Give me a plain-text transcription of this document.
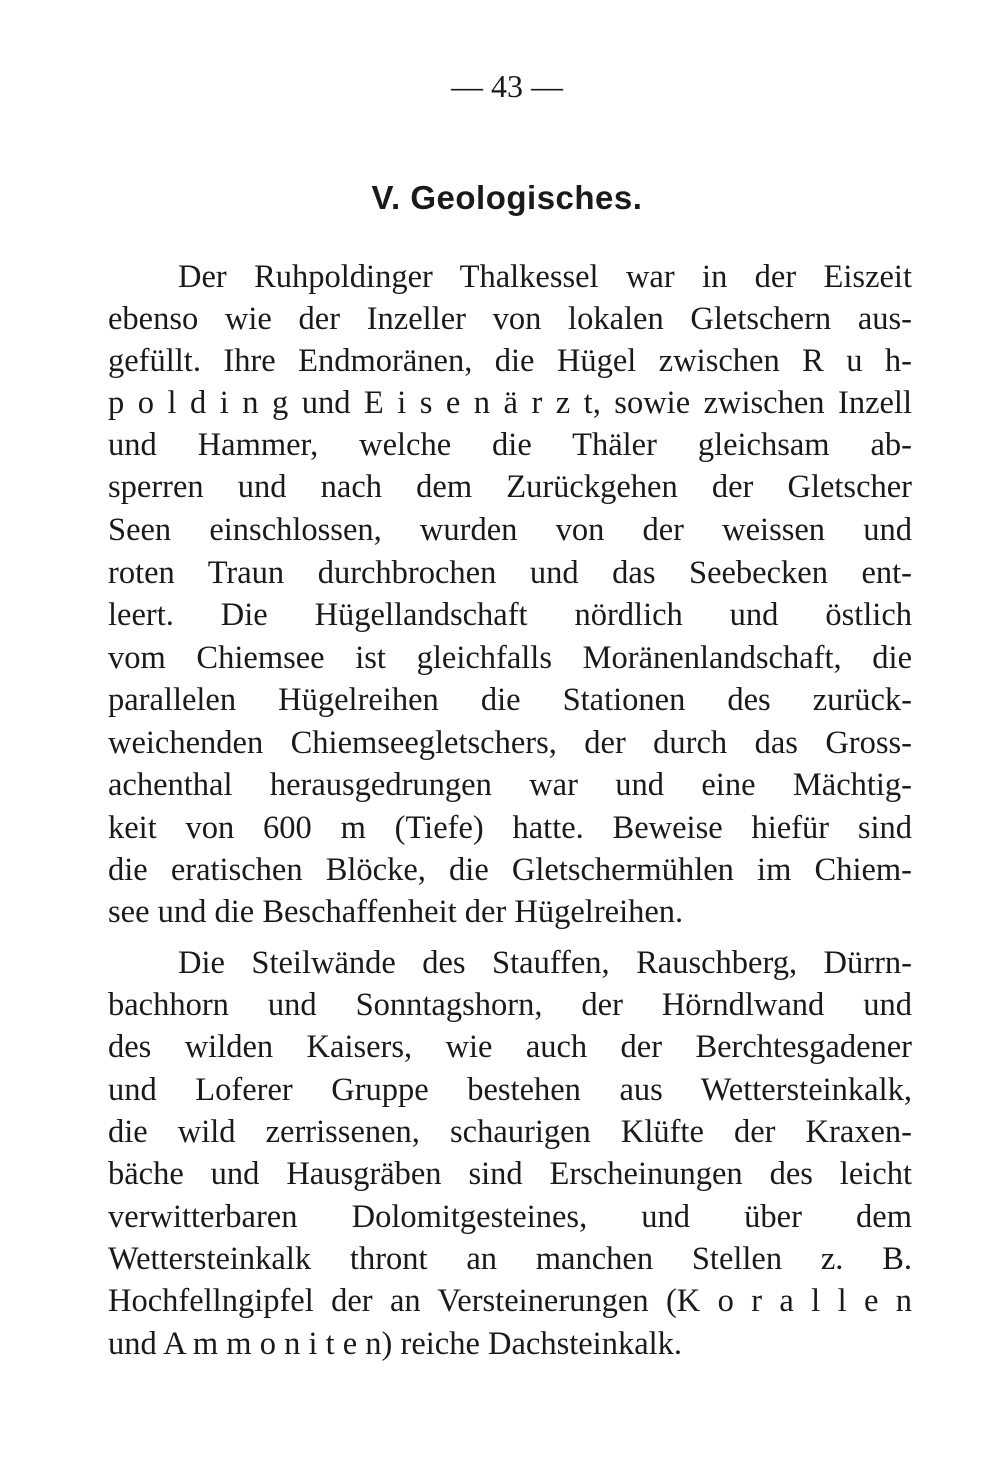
— 43 —
V. Geologisches.
Der Ruhpoldinger Thalkessel war in der Eiszeit
ebenso wie der Inzeller von lokalen Gletschern aus-
gefüllt. Ihre Endmoränen, die Hügel zwischen R u h-
p o l d i n g und E i s e n ä r z t, sowie zwischen Inzell
und Hammer, welche die Thäler gleichsam ab-
sperren und nach dem Zurückgehen der Gletscher
Seen einschlossen, wurden von der weissen und
roten Traun durchbrochen und das Seebecken ent-
leert. Die Hügellandschaft nördlich und östlich
vom Chiemsee ist gleichfalls Moränenlandschaft, die
parallelen Hügelreihen die Stationen des zurück-
weichenden Chiemseegletschers, der durch das Gross-
achenthal herausgedrungen war und eine Mächtig-
keit von 600 m (Tiefe) hatte. Beweise hiefür sind
die eratischen Blöcke, die Gletschermühlen im Chiem-
see und die Beschaffenheit der Hügelreihen.
Die Steilwände des Stauffen, Rauschberg, Dürrn-
bachhorn und Sonntagshorn, der Hörndlwand und
des wilden Kaisers, wie auch der Berchtesgadener
und Loferer Gruppe bestehen aus Wettersteinkalk,
die wild zerrissenen, schaurigen Klüfte der Kraxen-
bäche und Hausgräben sind Erscheinungen des leicht
verwitterbaren Dolomitgesteines, und über dem
Wettersteinkalk thront an manchen Stellen z. B.
Hochfellngipfel der an Versteinerungen (K o r a l l e n
und A m m o n i t e n) reiche Dachsteinkalk.
